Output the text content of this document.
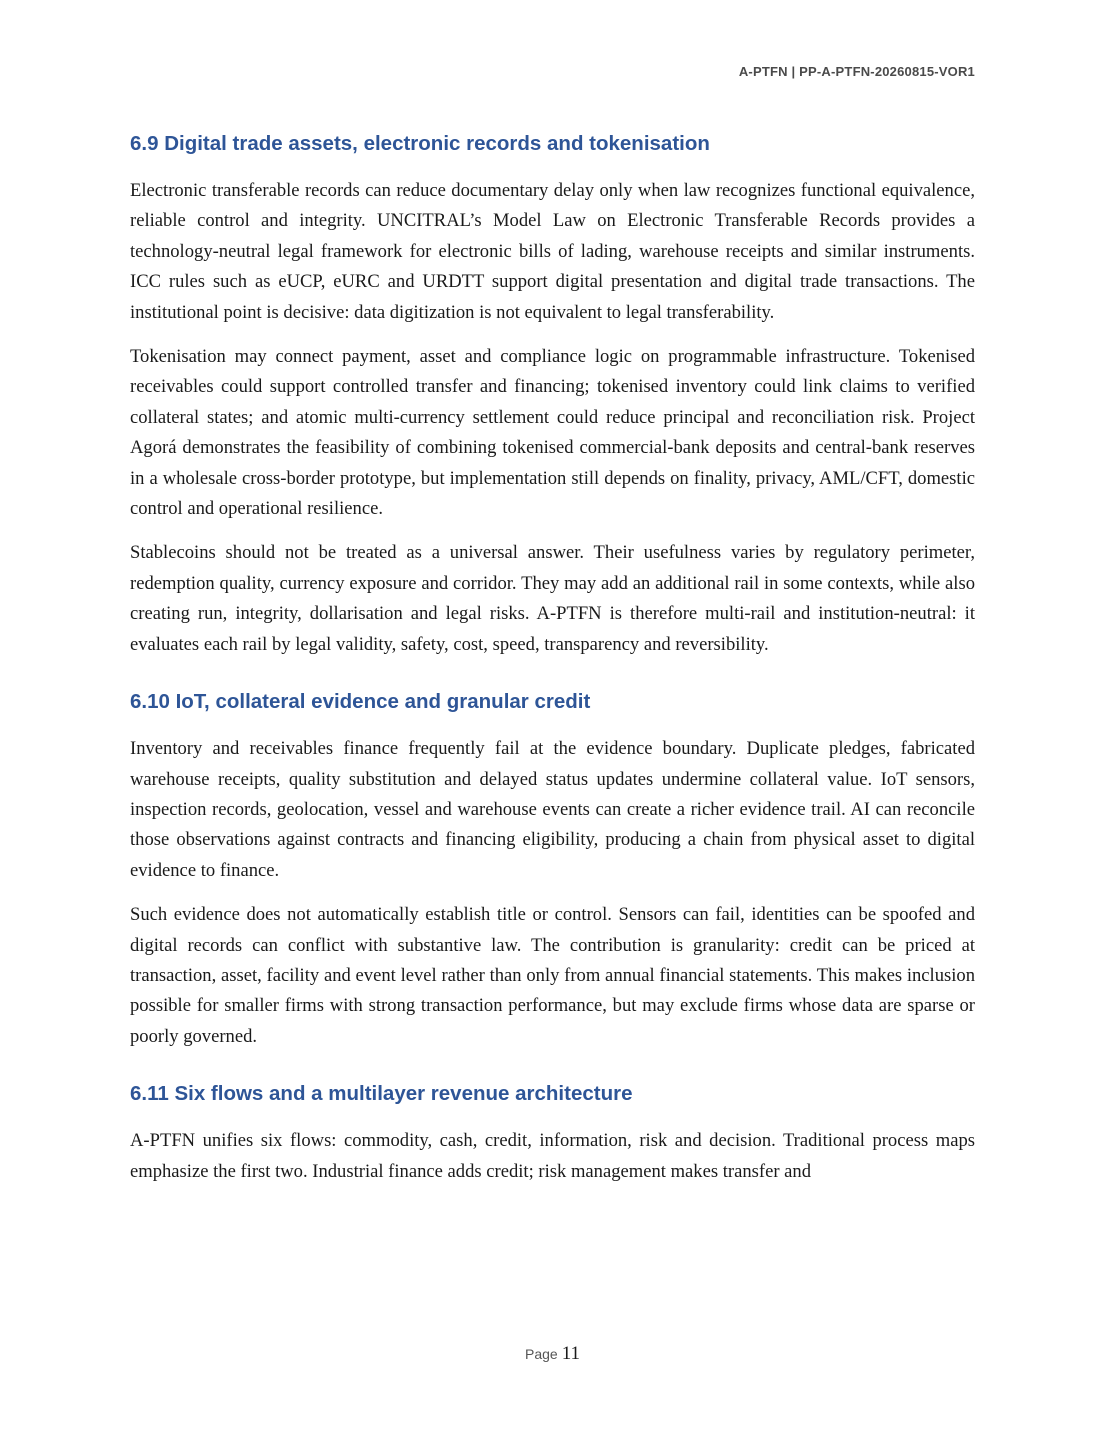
A-PTFN | PP-A-PTFN-20260815-VOR1
6.9 Digital trade assets, electronic records and tokenisation

Electronic transferable records can reduce documentary delay only when law recognizes functional equivalence, reliable control and integrity. UNCITRAL’s Model Law on Electronic Transferable Records provides a technology-neutral legal framework for electronic bills of lading, warehouse receipts and similar instruments. ICC rules such as eUCP, eURC and URDTT support digital presentation and digital trade transactions. The institutional point is decisive: data digitization is not equivalent to legal transferability.

Tokenisation may connect payment, asset and compliance logic on programmable infrastructure. Tokenised receivables could support controlled transfer and financing; tokenised inventory could link claims to verified collateral states; and atomic multi-currency settlement could reduce principal and reconciliation risk. Project Agorá demonstrates the feasibility of combining tokenised commercial-bank deposits and central-bank reserves in a wholesale cross-border prototype, but implementation still depends on finality, privacy, AML/CFT, domestic control and operational resilience.

Stablecoins should not be treated as a universal answer. Their usefulness varies by regulatory perimeter, redemption quality, currency exposure and corridor. They may add an additional rail in some contexts, while also creating run, integrity, dollarisation and legal risks. A-PTFN is therefore multi-rail and institution-neutral: it evaluates each rail by legal validity, safety, cost, speed, transparency and reversibility.

6.10 IoT, collateral evidence and granular credit

Inventory and receivables finance frequently fail at the evidence boundary. Duplicate pledges, fabricated warehouse receipts, quality substitution and delayed status updates undermine collateral value. IoT sensors, inspection records, geolocation, vessel and warehouse events can create a richer evidence trail. AI can reconcile those observations against contracts and financing eligibility, producing a chain from physical asset to digital evidence to finance.

Such evidence does not automatically establish title or control. Sensors can fail, identities can be spoofed and digital records can conflict with substantive law. The contribution is granularity: credit can be priced at transaction, asset, facility and event level rather than only from annual financial statements. This makes inclusion possible for smaller firms with strong transaction performance, but may exclude firms whose data are sparse or poorly governed.

6.11 Six flows and a multilayer revenue architecture

A-PTFN unifies six flows: commodity, cash, credit, information, risk and decision. Traditional process maps emphasize the first two. Industrial finance adds credit; risk management makes transfer and

Page 11
